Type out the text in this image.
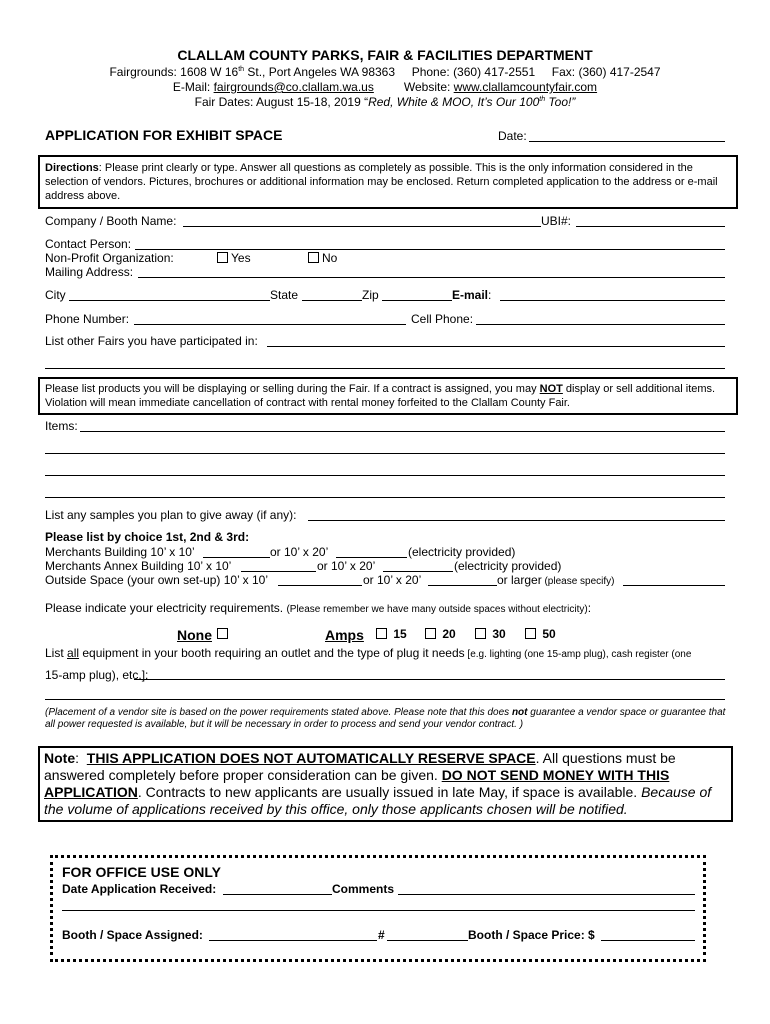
CLALLAM COUNTY PARKS, FAIR & FACILITIES DEPARTMENT
Fairgrounds: 1608 W 16th St., Port Angeles WA 98363     Phone: (360) 417-2551     Fax: (360) 417-2547
E-Mail: fairgrounds@co.clallam.wa.us	Website: www.clallamcountyfair.com
Fair Dates: August 15-18, 2019 “Red, White & MOO, It’s Our 100th Too!”
APPLICATION FOR EXHIBIT SPACE	Date:
Directions: Please print clearly or type. Answer all questions as completely as possible. This is the only information considered in the selection of vendors. Pictures, brochures or additional information may be enclosed. Return completed application to the address or e-mail address above.
Company / Booth Name:	UBI#:
Contact Person:
Non-Profit Organization:	Yes	No
Mailing Address:
City	State	Zip	E-mail:
Phone Number:	Cell Phone:
List other Fairs you have participated in:
Please list products you will be displaying or selling during the Fair. If a contract is assigned, you may NOT display or sell additional items. Violation will mean immediate cancellation of contract with rental money forfeited to the Clallam County Fair.
Items:
List any samples you plan to give away (if any):
Please list by choice 1st, 2nd & 3rd:
Merchants Building 10’ x 10’	or 10’ x 20’	(electricity provided)
Merchants Annex Building 10’ x 10’	or 10’ x 20’	(electricity provided)
Outside Space (your own set-up) 10’ x 10’	or 10’ x 20’	or larger (please specify)
Please indicate your electricity requirements. (Please remember we have many outside spaces without electricity):
None	Amps	15	20	30	50
List all equipment in your booth requiring an outlet and the type of plug it needs [e.g. lighting (one 15-amp plug), cash register (one
15-amp plug), etc.]:
(Placement of a vendor site is based on the power requirements stated above. Please note that this does not guarantee a vendor space or guarantee that all power requested is available, but it will be necessary in order to process and send your vendor contract. )
Note:  THIS APPLICATION DOES NOT AUTOMATICALLY RESERVE SPACE. All questions must be answered completely before proper consideration can be given. DO NOT SEND MONEY WITH THIS APPLICATION. Contracts to new applicants are usually issued in late May, if space is available. Because of the volume of applications received by this office, only those applicants chosen will be notified.
FOR OFFICE USE ONLY
Date Application Received:	Comments
Booth / Space Assigned:	#	Booth / Space Price: $
